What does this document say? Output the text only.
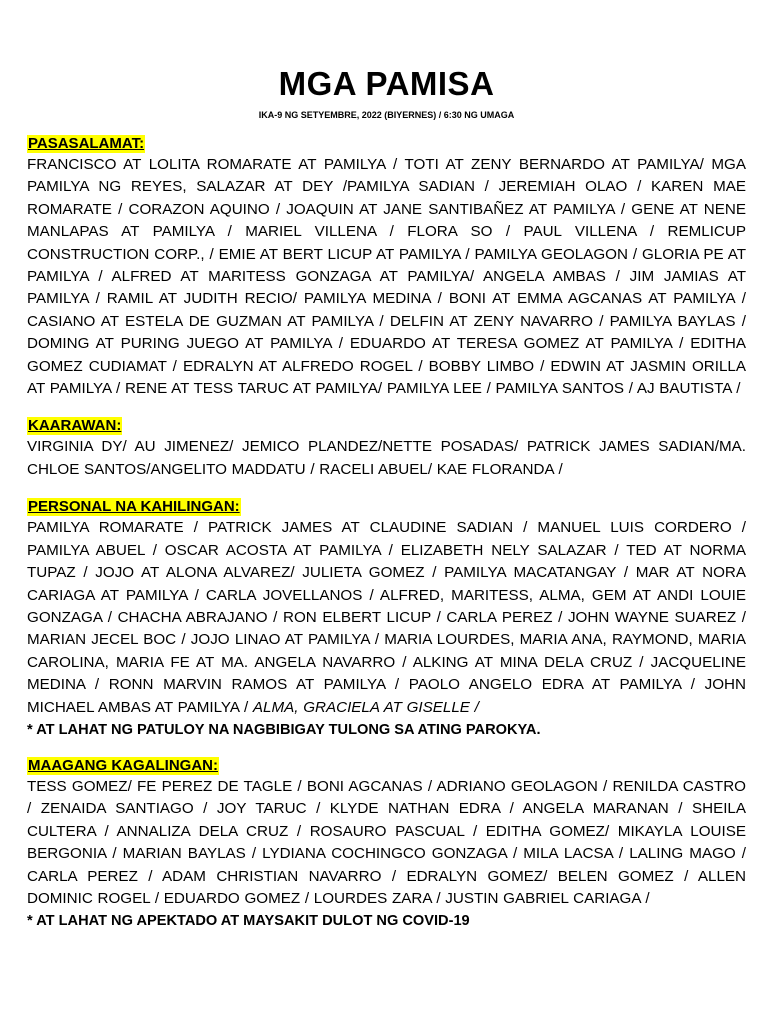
MGA PAMISA
IKA-9 NG SETYEMBRE, 2022 (BIYERNES) / 6:30 NG UMAGA
PASASALAMAT:

FRANCISCO AT LOLITA ROMARATE AT PAMILYA / TOTI AT ZENY BERNARDO AT PAMILYA/ MGA PAMILYA NG REYES, SALAZAR AT DEY /PAMILYA SADIAN / JEREMIAH OLAO / KAREN MAE ROMARATE / CORAZON AQUINO / JOAQUIN AT JANE SANTIBAÑEZ AT PAMILYA / GENE AT NENE MANLAPAS AT PAMILYA / MARIEL VILLENA / FLORA SO / PAUL VILLENA / REMLICUP CONSTRUCTION CORP., / EMIE AT BERT LICUP AT PAMILYA / PAMILYA GEOLAGON / GLORIA PE AT PAMILYA / ALFRED AT MARITESS GONZAGA AT PAMILYA/ ANGELA AMBAS / JIM JAMIAS AT PAMILYA / RAMIL AT JUDITH RECIO/ PAMILYA MEDINA / BONI AT EMMA AGCANAS AT PAMILYA / CASIANO AT ESTELA DE GUZMAN AT PAMILYA / DELFIN AT ZENY NAVARRO / PAMILYA BAYLAS / DOMING AT PURING JUEGO AT PAMILYA / EDUARDO AT TERESA GOMEZ AT PAMILYA / EDITHA GOMEZ CUDIAMAT / EDRALYN AT ALFREDO ROGEL / BOBBY LIMBO / EDWIN AT JASMIN ORILLA AT PAMILYA / RENE AT TESS TARUC AT PAMILYA/ PAMILYA LEE / PAMILYA SANTOS / AJ BAUTISTA /

KAARAWAN:

VIRGINIA DY/ AU JIMENEZ/ JEMICO PLANDEZ/NETTE POSADAS/ PATRICK JAMES SADIAN/MA. CHLOE SANTOS/ANGELITO MADDATU / RACELI ABUEL/ KAE FLORANDA /

PERSONAL NA KAHILINGAN:

PAMILYA ROMARATE / PATRICK JAMES AT CLAUDINE SADIAN / MANUEL LUIS CORDERO / PAMILYA ABUEL / OSCAR ACOSTA AT PAMILYA / ELIZABETH NELY SALAZAR / TED AT NORMA TUPAZ / JOJO AT ALONA ALVAREZ/ JULIETA GOMEZ / PAMILYA MACATANGAY / MAR AT NORA CARIAGA AT PAMILYA / CARLA JOVELLANOS / ALFRED, MARITESS, ALMA, GEM AT ANDI LOUIE GONZAGA / CHACHA ABRAJANO / RON ELBERT LICUP / CARLA PEREZ / JOHN WAYNE SUAREZ / MARIAN JECEL BOC / JOJO LINAO AT PAMILYA / MARIA LOURDES, MARIA ANA, RAYMOND, MARIA CAROLINA, MARIA FE AT MA. ANGELA NAVARRO / ALKING AT MINA DELA CRUZ / JACQUELINE MEDINA / RONN MARVIN RAMOS AT PAMILYA / PAOLO ANGELO EDRA AT PAMILYA / JOHN MICHAEL AMBAS AT PAMILYA / ALMA, GRACIELA AT GISELLE /

* AT LAHAT NG PATULOY NA NAGBIBIGAY TULONG SA ATING PAROKYA.

MAAGANG KAGALINGAN:

TESS GOMEZ/ FE PEREZ DE TAGLE / BONI AGCANAS / ADRIANO GEOLAGON / RENILDA CASTRO / ZENAIDA SANTIAGO / JOY TARUC / KLYDE NATHAN EDRA / ANGELA MARANAN / SHEILA CULTERA / ANNALIZA DELA CRUZ / ROSAURO PASCUAL / EDITHA GOMEZ/ MIKAYLA LOUISE BERGONIA / MARIAN BAYLAS / LYDIANA COCHINGCO GONZAGA / MILA LACSA / LALING MAGO / CARLA PEREZ / ADAM CHRISTIAN NAVARRO / EDRALYN GOMEZ/ BELEN GOMEZ / ALLEN DOMINIC ROGEL / EDUARDO GOMEZ / LOURDES ZARA / JUSTIN GABRIEL CARIAGA /

* AT LAHAT NG APEKTADO AT MAYSAKIT DULOT NG COVID-19
